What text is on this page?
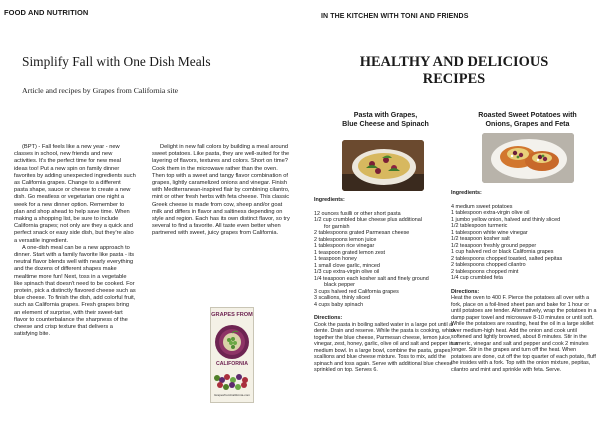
FOOD AND NUTRITION
Simplify Fall with One Dish Meals
Article and recipes by Grapes from California site

(BPT) - Fall feels like a new year - new classes in school, new friends and new activities. It's the perfect time for new meal ideas too! Put a new spin on family dinner favorites by adding unexpected ingredients such as California grapes. Change to a different pasta shape, sauce or cheese to create a new dish. Go meatless or vegetarian one night a week for a new dinner option. Remember to plan and shop ahead to help save time. When making a shopping list, be sure to include California grapes; not only are they a quick and perfect snack or easy side dish, but they're also a versatile ingredient.

A one-dish meal can be a new approach to dinner. Start with a family favorite like pasta - its neutral flavor blends well with nearly everything and the dozens of different shapes make mealtime more fun! Next, toss in a vegetable like spinach that doesn't need to be cooked. For protein, pick a distinctly flavored cheese such as blue cheese. To finish the dish, add colorful fruit, such as California grapes. Fresh grapes bring an element of surprise, with their sweet-tart flavor to counterbalance the sharpness of the cheese and crisp texture that delivers a satisfying bite.

Delight in new fall colors by building a meal around sweet potatoes. Like pasta, they are well-suited for the layering of flavors, textures and colors. Short on time? Cook them in the microwave rather than the oven. Then top with a sweet and tangy flavor combination of grapes, lightly caramelized onions and vinegar. Finish with Mediterranean-inspired flair by combining cilantro, mint or other fresh herbs with feta cheese. This classic Greek cheese is made from cow, sheep and/or goat milk and differs in flavor and saltiness depending on style and region. Each has its own distinct flavor, so try several to find a favorite. All taste even better when partnered with sweet, juicy grapes from California.

GRAPES FROM
CALIFORNIA
GrapesfromCalifornia.com
IN THE KITCHEN WITH TONI AND FRIENDS
HEALTHY AND DELICIOUS
RECIPES
Pasta with Grapes,
Blue Cheese and Spinach
Ingredients:
12 ounces fusilli or other short pasta
1/2 cup crumbled blue cheese plus additional
for garnish
2 tablespoons grated Parmesan cheese
2 tablespoons lemon juice
1 tablespoon rice vinegar
1 teaspoon grated lemon zest
1 teaspoon honey
1 small clove garlic, minced
1/3 cup extra-virgin olive oil
1/4 teaspoon each kosher salt and finely ground
black pepper
3 cups halved red California grapes
3 scallions, thinly sliced
4 cups baby spinach
Directions:

Cook the pasta in boiling salted water in a large pot until al dente. Drain and reserve. While the pasta is cooking, whisk together the blue cheese, Parmesan cheese, lemon juice, vinegar, zest, honey, garlic, olive oil and salt and pepper in a medium bowl. In a large bowl, combine the pasta, grapes, scallions and blue cheese mixture. Toss to mix, add the spinach and toss again. Serve with additional blue cheese sprinkled on top. Serves 6.

Roasted Sweet Potatoes with
Onions, Grapes and Feta
Ingredients:
4 medium sweet potatoes
1 tablespoon extra-virgin olive oil
1 jumbo yellow onion, halved and thinly sliced
1/2 tablespoon turmeric
1 tablespoon white wine vinegar
1/2 teaspoon kosher salt
1/2 teaspoon freshly ground pepper
1 cup halved red or black California grapes
2 tablespoons chopped toasted, salted pepitas
2 tablespoons chopped cilantro
2 tablespoons chopped mint
1/4 cup crumbled feta
Directions:

Heat the oven to 400 F. Pierce the potatoes all over with a fork, place on a foil-lined sheet pan and bake for 1 hour or until potatoes are tender. Alternatively, wrap the potatoes in a damp paper towel and microwave 8-10 minutes or until soft. While the potatoes are roasting, heat the oil in a large skillet over medium-high heat. Add the onion and cook until softened and lightly browned, about 8 minutes. Stir in the turmeric, vinegar and salt and pepper and cook 2 minutes longer. Stir in the grapes and turn off the heat. When potatoes are done, cut off the top quarter of each potato, fluff the insides with a fork. Top with the onion mixture, pepitas, cilantro and mint and sprinkle with feta. Serve.
